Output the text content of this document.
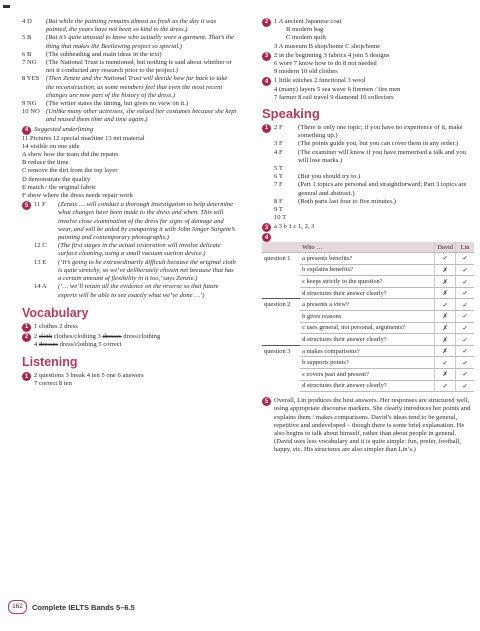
4 D	(But while the painting remains almost as fresh as the day it was painted, the years have not been so kind to the dress.)
5 B	(But it’s quite unusual to know who actually wore a garment. That’s the thing that makes the Beetlewing project so special.)
6 B	(The subheading and main ideas in the text)
7 NG	(The National Trust is mentioned, but nothing is said about whether or not it conducted any research prior to the project.)
8 YES	(Then Zenzie and the National Trust will decide how far back to take the reconstruction, as some members feel that even the most recent changes are now part of the history of the dress.)
9 NG	(The writer states the timing, but gives no view on it.)
10 NO (Unlike many other actresses, she valued her costumes because she kept and reused them time and time again.)
4 Suggested underlining
11 Pictures 12 special machine 13 net material
14 visible on one side
A show how the team did the repairs
B reduce the time
C remove the dirt from the top layer
D demonstrate the quality
E match / the original fabric
F show where the dress needs repair work
5 11 F	(Zenzie … will conduct a thorough investigation to help determine what changes have been made to the dress and when. This will involve close examination of the dress for signs of damage and wear, and will be aided by comparing it with John Singer Sargent’s painting and contemporary photographs.)
12 C	(The first stages in the actual restoration will involve delicate surface cleaning, using a small vacuum suction device.)
13 E	(‘It’s going to be extraordinarily difficult because the original cloth is quite stretchy, so we’ve deliberately chosen net because that has a certain amount of flexibility in it too,’ says Zenzie.)
14 A	(‘… we’ll retain all the evidence on the reverse so that future experts will be able to see exactly what we’ve done …’)
Vocabulary
1 1 clothes 2 dress
2 2 cloth clothes/clothing 3 dresses dress/clothing
4 dresses dress/clothing 5 correct
Listening
1 2 questions 3 break 4 ten 5 one 6 answers
7 correct 8 ten
2 1 A ancient Japanese coat
B modern bag
C modern quilt
3 A museum B shop/home C shop/home
3 2 in the beginning 3 fabrics 4 join 5 designs
6 wore 7 know how to do 8 not needed
9 modern 10 old clothes
4 1 little stitches 2 functional 3 wool
4 (many) layers 5 sea wave 6 firemen / fire men
7 farmer 8 rail travel 9 diamond 10 collectors
Speaking
1 2 F	(There is only one topic; if you have no experience of it, make something up.)
3 F	(The points guide you, but you can cover them in any order.)
4 F	(The examiner will know if you have memorised a talk and you will lose marks.)
5 T
6 T	(But you should try to.)
7 F	(Part 1 topics are personal and straightforward; Part 3 topics are general and abstract.)
8 F	(Both parts last four to five minutes.)
9 T
10 T
3 a 3 b 1 c 1, 2, 3
4
	Who …	David	Lin
question 1	a presents benefits?	✓	✓
	b explains benefits?	✗	✓
	c keeps strictly to the question?	✗	✓
	d structures their answer clearly?	✗	✓
question 2	a presents a view?	✓	✓
	b gives reasons	✗	✓
	c uses general, not personal, arguments?	✗	✓
	d structures their answer clearly?	✗	✓
question 3	a makes comparisons?	✗	✓
	b supports points?	✓	✓
	c covers past and present?	✗	✓
	d structures their answer clearly?	✓	✓
5 Overall, Lin produces the best answers. Her responses are structured well, using appropriate discourse markers. She clearly introduces her points and explains them / makes comparisons. David’s ideas tend to be general, repetitive and undeveloped – though there is some brief explanation. He also begins to talk about himself, rather than about people in general. (David uses less vocabulary and it is quite simple: fun, prefer, football, happy, etc. His structures are also simpler than Lin’s.)
162	Complete IELTS Bands 5–6.5
